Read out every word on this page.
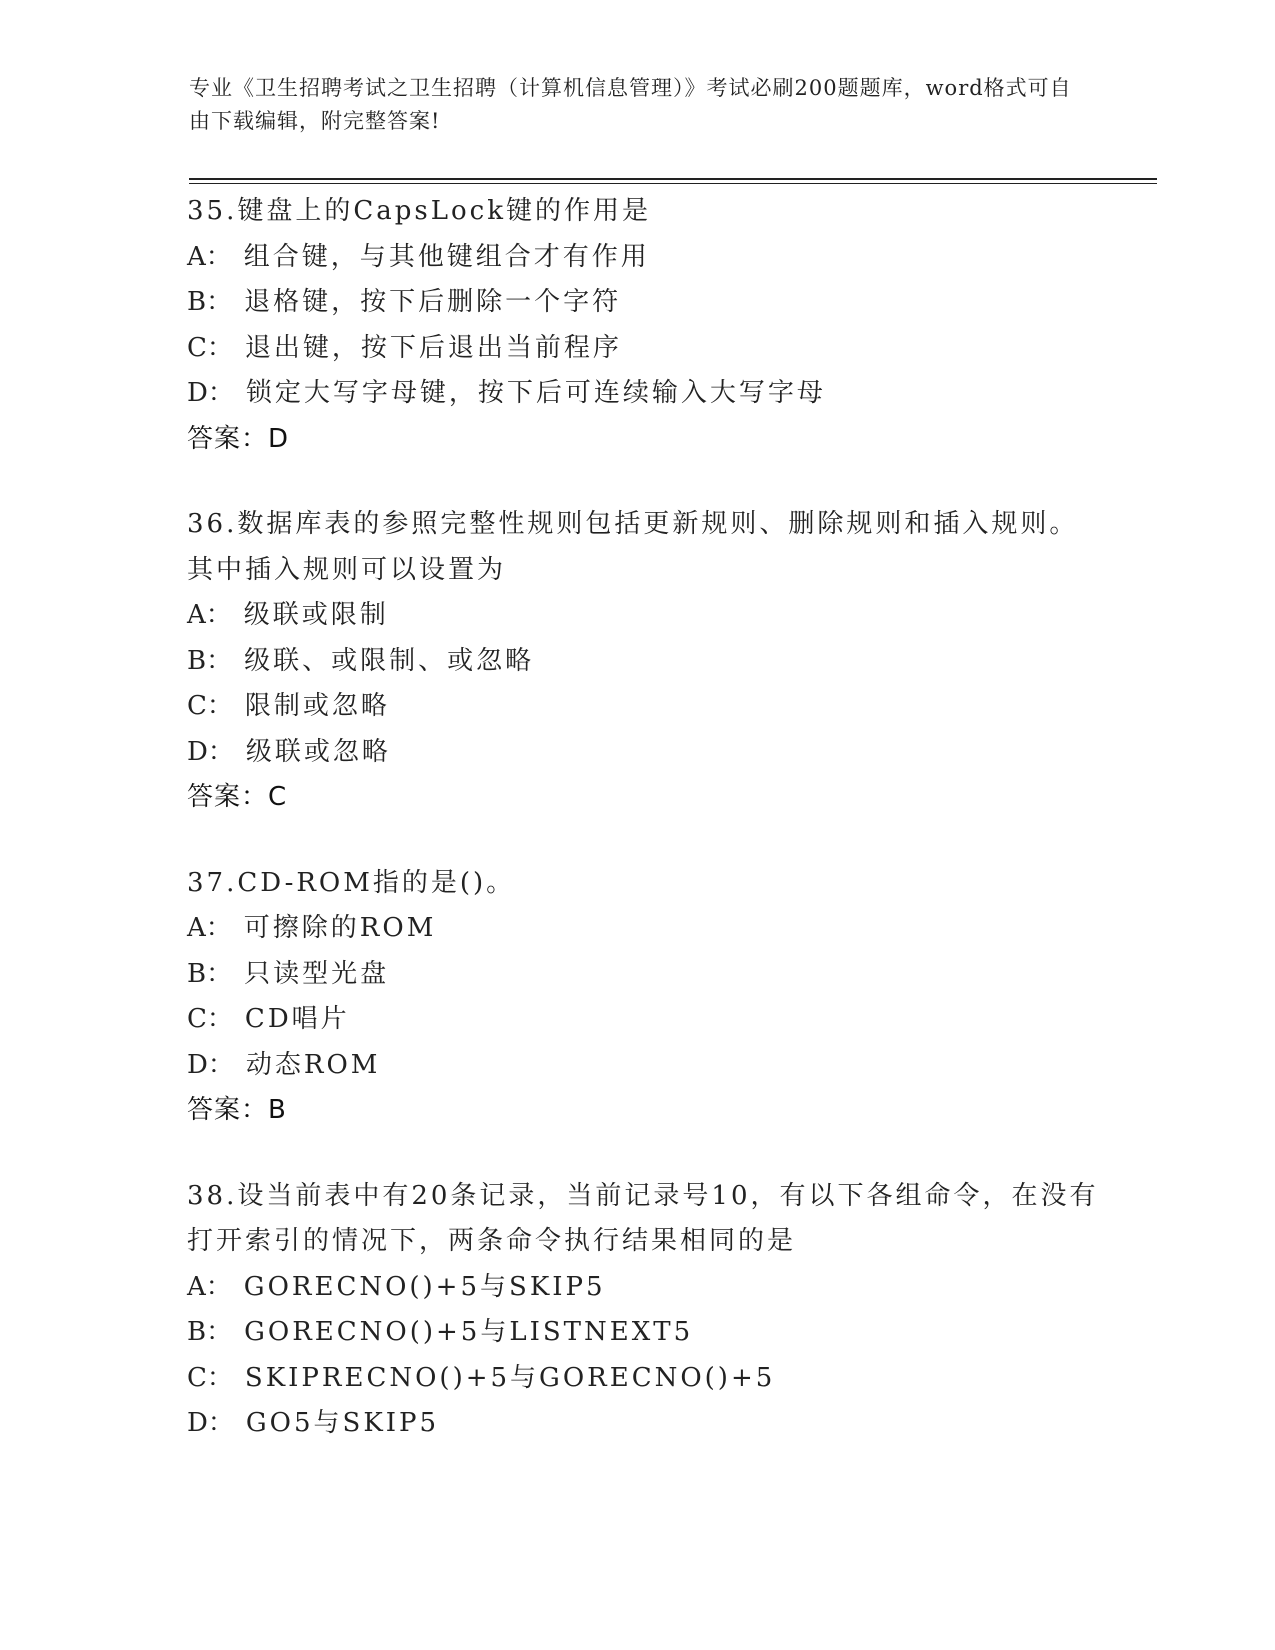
专业《卫生招聘考试之卫生招聘（计算机信息管理）》考试必刷200题题库，word格式可自由下载编辑，附完整答案!
35.键盘上的CapsLock键的作用是
A： 组合键，与其他键组合才有作用
B： 退格键，按下后删除一个字符
C： 退出键，按下后退出当前程序
D： 锁定大写字母键，按下后可连续输入大写字母
答案：D
36.数据库表的参照完整性规则包括更新规则、删除规则和插入规则。其中插入规则可以设置为
A： 级联或限制
B： 级联、或限制、或忽略
C： 限制或忽略
D： 级联或忽略
答案：C
37.CD-ROM指的是()。
A： 可擦除的ROM
B： 只读型光盘
C： CD唱片
D： 动态ROM
答案：B
38.设当前表中有20条记录，当前记录号10，有以下各组命令，在没有打开索引的情况下，两条命令执行结果相同的是
A： GORECNO()+5与SKIP5
B： GORECNO()+5与LISTNEXT5
C： SKIPRECNO()+5与GORECNO()+5
D： GO5与SKIP5
